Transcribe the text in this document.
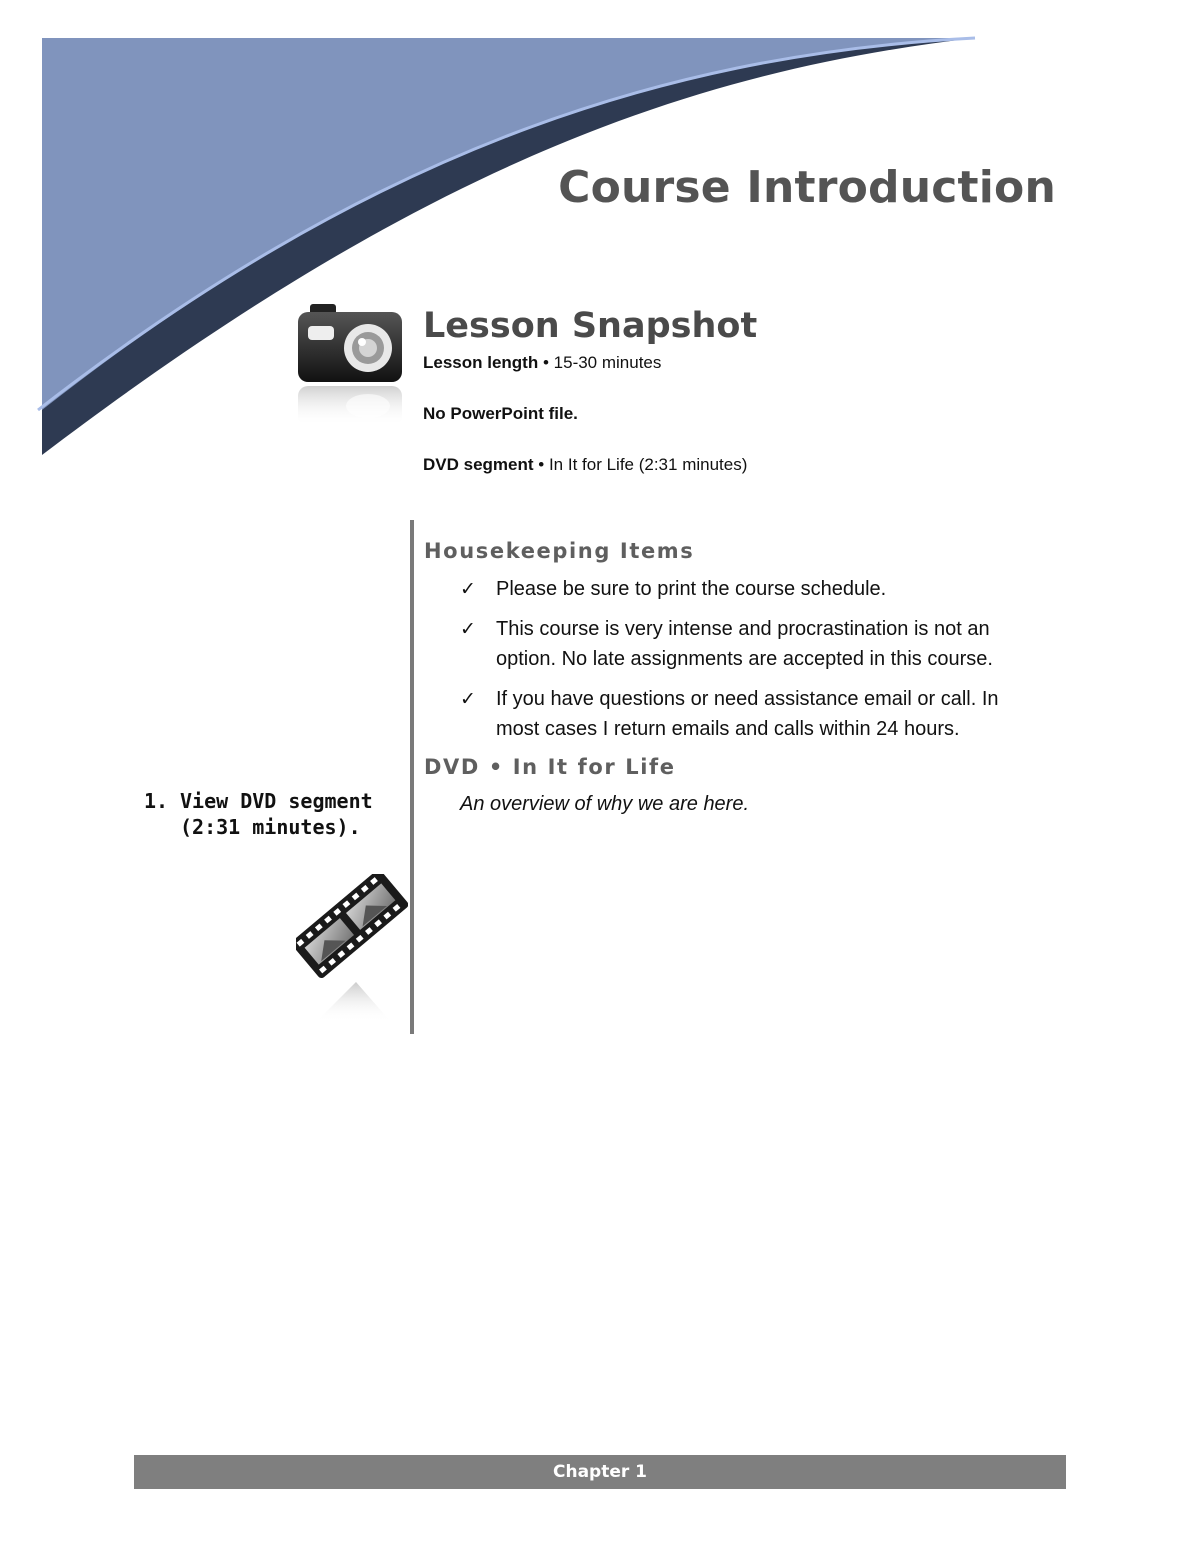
Course Introduction
Lesson Snapshot

Lesson length • 15-30 minutes

No PowerPoint file.

DVD segment • In It for Life (2:31 minutes)

Housekeeping Items
✓ Please be sure to print the course schedule.
✓ This course is very intense and procrastination is not an option. No late assignments are accepted in this course.
✓ If you have questions or need assistance email or call. In most cases I return emails and calls within 24 hours.
DVD • In It for Life

An overview of why we are here.

1. View DVD segment (2:31 minutes).
Chapter 1
